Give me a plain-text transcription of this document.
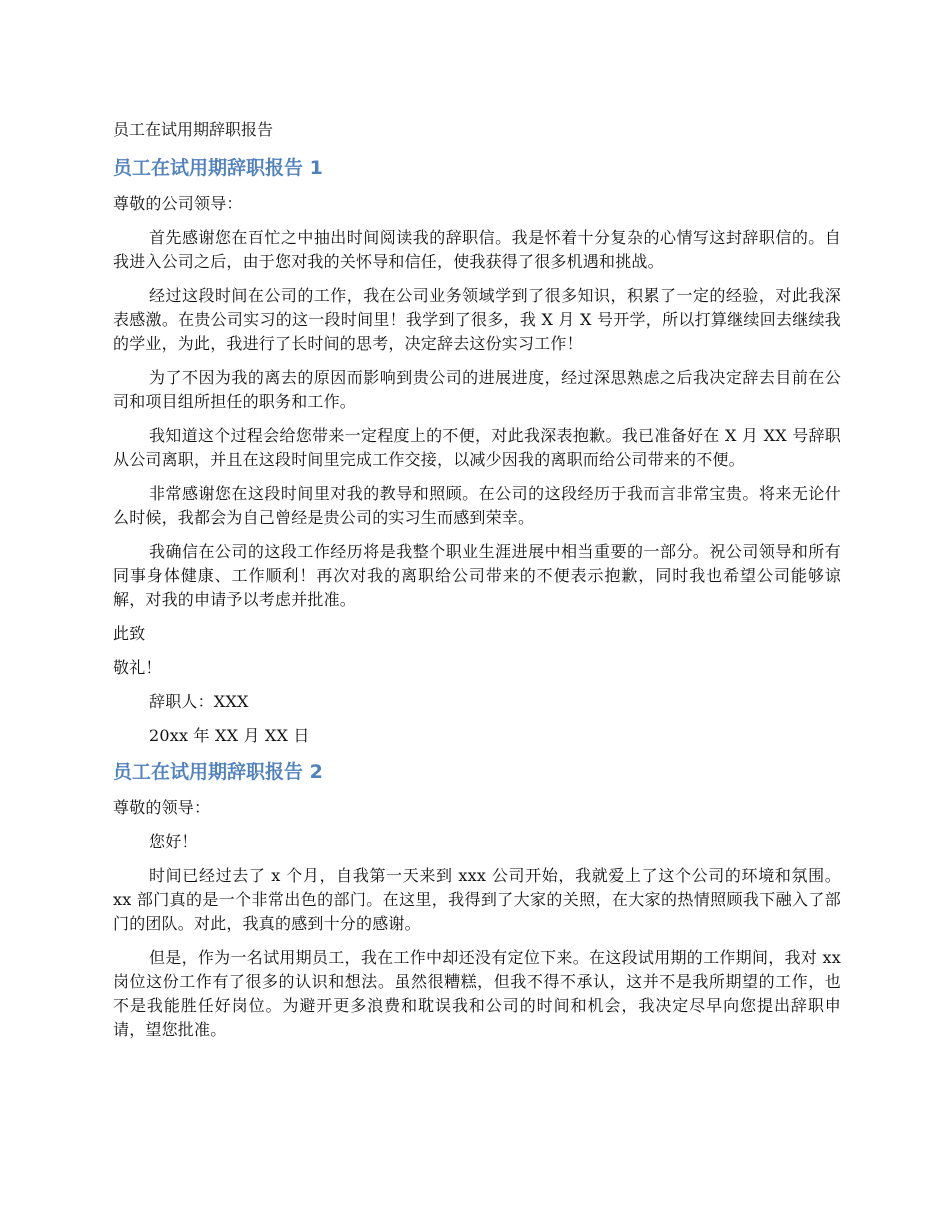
员工在试用期辞职报告
员工在试用期辞职报告 1

尊敬的公司领导：

首先感谢您在百忙之中抽出时间阅读我的辞职信。我是怀着十分复杂的心情写这封辞职信的。自我进入公司之后，由于您对我的关怀导和信任，使我获得了很多机遇和挑战。

经过这段时间在公司的工作，我在公司业务领域学到了很多知识，积累了一定的经验，对此我深表感激。在贵公司实习的这一段时间里！我学到了很多，我 X 月 X 号开学，所以打算继续回去继续我的学业，为此，我进行了长时间的思考，决定辞去这份实习工作！

为了不因为我的离去的原因而影响到贵公司的进展进度，经过深思熟虑之后我决定辞去目前在公司和项目组所担任的职务和工作。

我知道这个过程会给您带来一定程度上的不便，对此我深表抱歉。我已准备好在 X 月 XX 号辞职从公司离职，并且在这段时间里完成工作交接，以减少因我的离职而给公司带来的不便。

非常感谢您在这段时间里对我的教导和照顾。在公司的这段经历于我而言非常宝贵。将来无论什么时候，我都会为自己曾经是贵公司的实习生而感到荣幸。

我确信在公司的这段工作经历将是我整个职业生涯进展中相当重要的一部分。祝公司领导和所有同事身体健康、工作顺利！再次对我的离职给公司带来的不便表示抱歉，同时我也希望公司能够谅解，对我的申请予以考虑并批准。

此致

敬礼！

辞职人：XXX

20xx 年 XX 月 XX 日

员工在试用期辞职报告 2

尊敬的领导：

您好！

时间已经过去了 x 个月，自我第一天来到 xxx 公司开始，我就爱上了这个公司的环境和氛围。xx 部门真的是一个非常出色的部门。在这里，我得到了大家的关照，在大家的热情照顾我下融入了部门的团队。对此，我真的感到十分的感谢。

但是，作为一名试用期员工，我在工作中却还没有定位下来。在这段试用期的工作期间，我对 xx 岗位这份工作有了很多的认识和想法。虽然很糟糕，但我不得不承认，这并不是我所期望的工作，也不是我能胜任好岗位。为避开更多浪费和耽误我和公司的时间和机会，我决定尽早向您提出辞职申请，望您批准。
